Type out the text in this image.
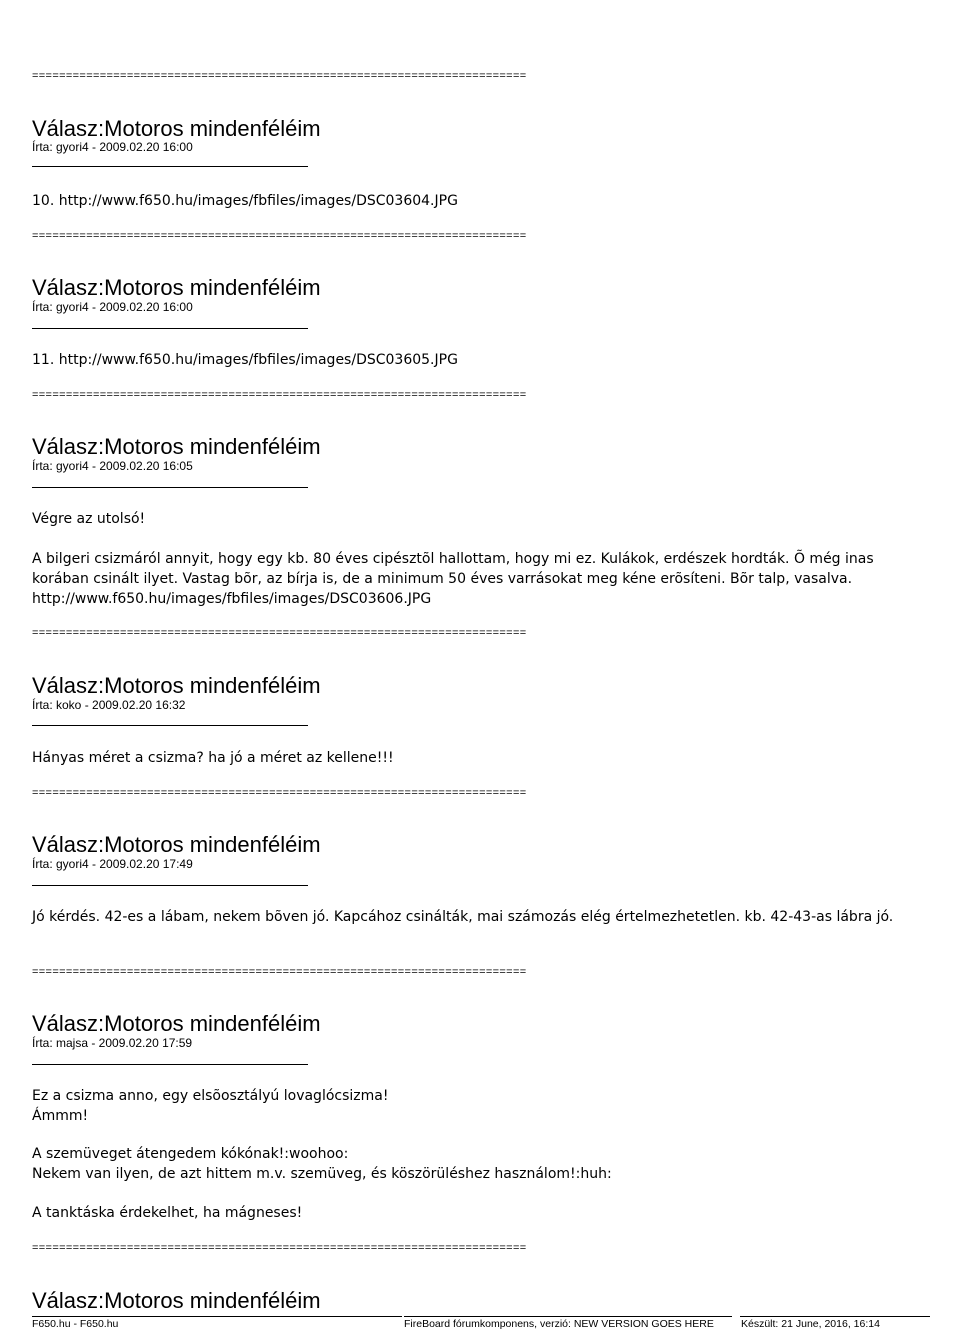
=========================================================================
Válasz:Motoros mindenféléim
Írta: gyori4 - 2009.02.20 16:00
10. http://www.f650.hu/images/fbfiles/images/DSC03604.JPG
=========================================================================
Válasz:Motoros mindenféléim
Írta: gyori4 - 2009.02.20 16:00
11. http://www.f650.hu/images/fbfiles/images/DSC03605.JPG
=========================================================================
Válasz:Motoros mindenféléim
Írta: gyori4 - 2009.02.20 16:05
Végre az utolsó!
A bilgeri csizmáról annyit, hogy egy kb. 80 éves cipésztõl hallottam, hogy mi ez. Kulákok, erdészek hordták. Õ még inas korában csinált ilyet. Vastag bõr, az bírja is, de a minimum 50 éves varrásokat meg kéne erõsíteni. Bõr talp, vasalva. http://www.f650.hu/images/fbfiles/images/DSC03606.JPG
=========================================================================
Válasz:Motoros mindenféléim
Írta: koko - 2009.02.20 16:32
Hányas méret a csizma? ha jó a méret az kellene!!!
=========================================================================
Válasz:Motoros mindenféléim
Írta: gyori4 - 2009.02.20 17:49
Jó kérdés. 42-es a lábam, nekem bõven jó. Kapcához csinálták, mai számozás elég értelmezhetetlen. kb. 42-43-as lábra jó.
=========================================================================
Válasz:Motoros mindenféléim
Írta: majsa - 2009.02.20 17:59
Ez a csizma anno, egy elsõosztályú lovaglócsizma!
Ámmm!
A szemüveget átengedem kókónak!:woohoo:
Nekem van ilyen, de azt hittem m.v. szemüveg, és köszörüléshez használom!:huh:
A tanktáska érdekelhet, ha mágneses!
=========================================================================
Válasz:Motoros mindenféléim
F650.hu - F650.hu	FireBoard fórumkomponens, verzió: NEW VERSION GOES HERE	Készült: 21 June, 2016, 16:14
